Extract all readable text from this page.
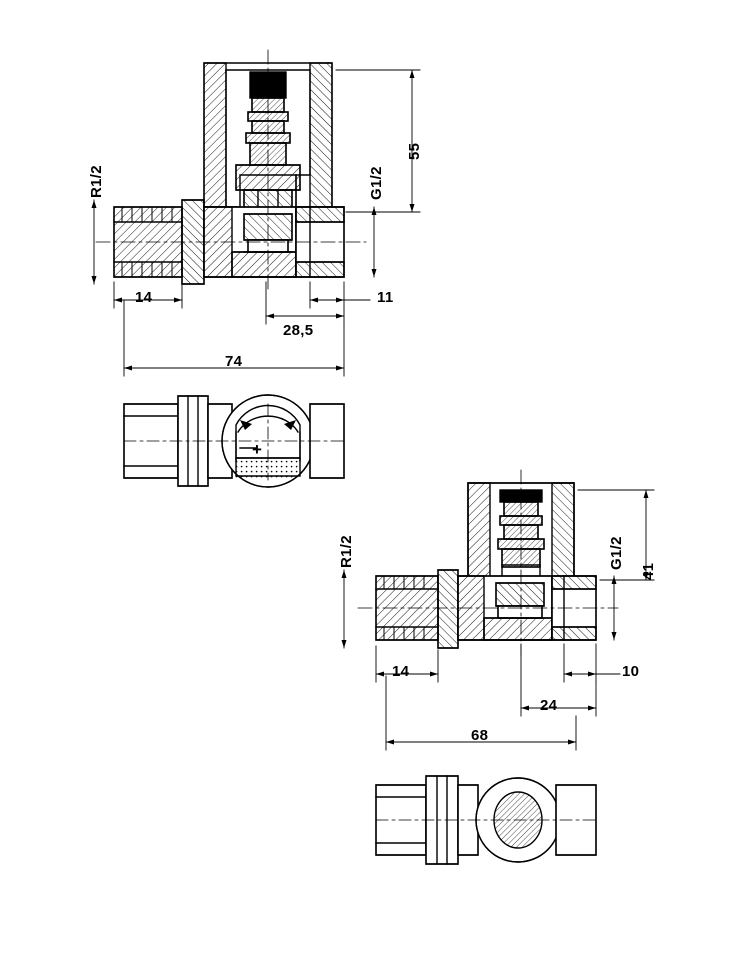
55
G1/2
R1/2
14	11
28,5
74
+
41
G1/2
R1/2
14	10
24
68
